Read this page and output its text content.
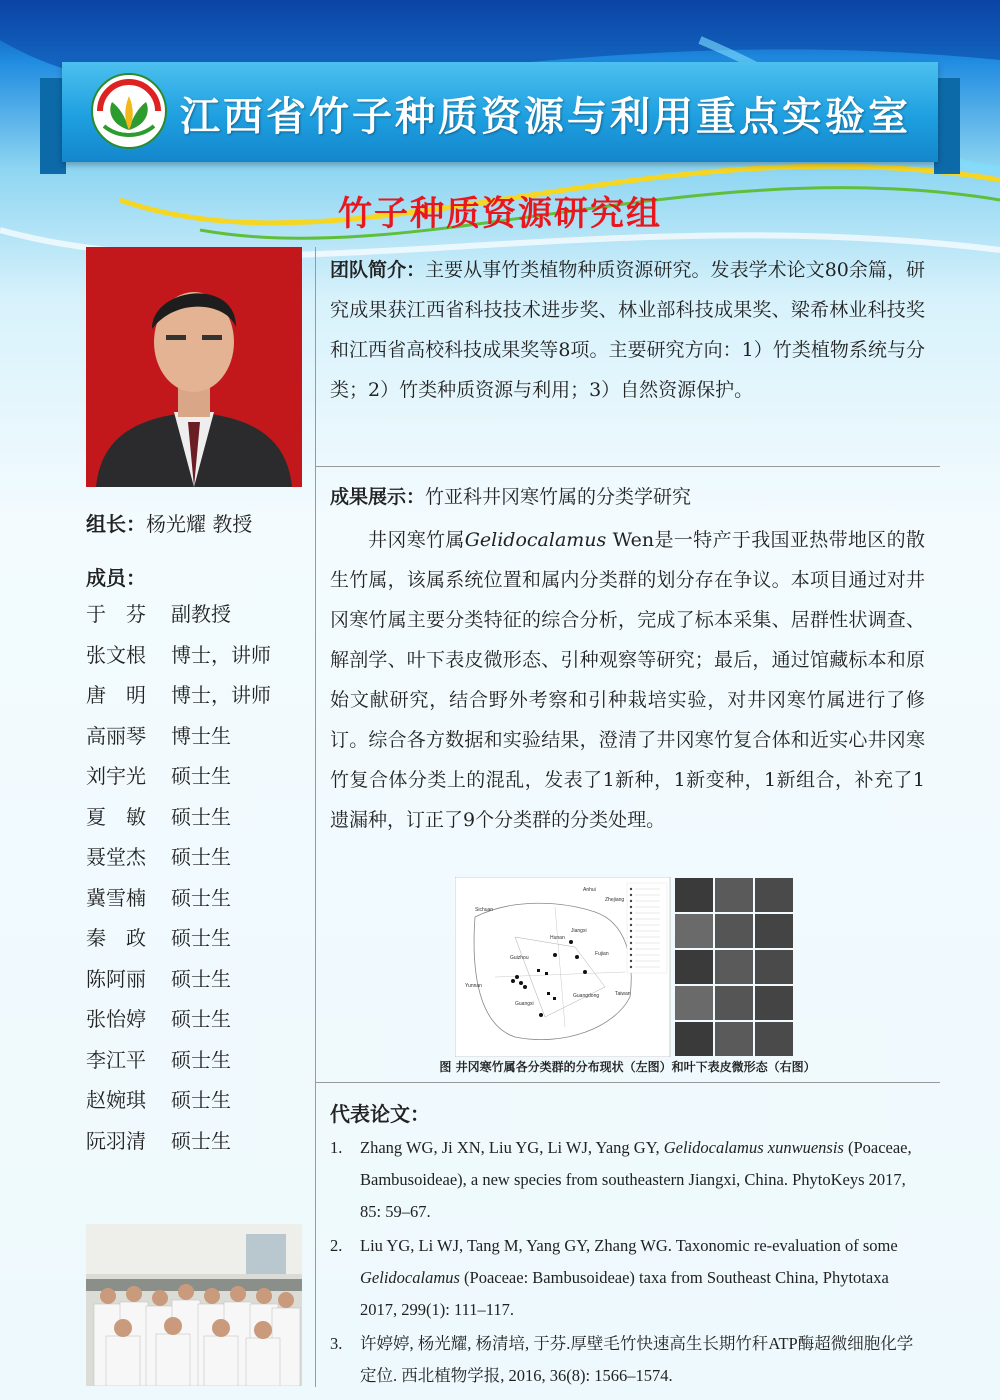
江西省竹子种质资源与利用重点实验室
竹子种质资源研究组
组长：杨光耀 教授
成员：
于　芬	副教授
张文根	博士，讲师
唐　明	博士，讲师
高丽琴	博士生
刘宇光	硕士生
夏　敏	硕士生
聂堂杰	硕士生
冀雪楠	硕士生
秦　政	硕士生
陈阿丽	硕士生
张怡婷	硕士生
李江平	硕士生
赵婉琪	硕士生
阮羽清	硕士生
团队简介：主要从事竹类植物种质资源研究。发表学术论文80余篇，研究成果获江西省科技技术进步奖、林业部科技成果奖、梁希林业科技奖和江西省高校科技成果奖等8项。主要研究方向：1）竹类植物系统与分类；2）竹类种质资源与利用；3）自然资源保护。
成果展示：竹亚科井冈寒竹属的分类学研究
井冈寒竹属Gelidocalamus Wen是一特产于我国亚热带地区的散生竹属，该属系统位置和属内分类群的划分存在争议。本项目通过对井冈寒竹属主要分类特征的综合分析，完成了标本采集、居群性状调查、解剖学、叶下表皮微形态、引种观察等研究；最后，通过馆藏标本和原始文献研究，结合野外考察和引种栽培实验，对井冈寒竹属进行了修订。综合各方数据和实验结果，澄清了井冈寒竹复合体和近实心井冈寒竹复合体分类上的混乱，发表了1新种，1新变种，1新组合，补充了1遗漏种，订正了9个分类群的分类处理。
Anhui
Zhejiang
Sichuan
Hunan
Jiangxi
Guizhou
Fujian
Yunnan
Guangxi
Guangdong	Taiwan
图 井冈寒竹属各分类群的分布现状（左图）和叶下表皮微形态（右图）
代表论文：
1.	Zhang WG, Ji XN, Liu YG, Li WJ, Yang GY, Gelidocalamus xunwuensis (Poaceae, Bambusoideae), a new species from southeastern Jiangxi, China. PhytoKeys 2017, 85: 59–67.
2.	Liu YG, Li WJ, Tang M, Yang GY, Zhang WG. Taxonomic re-evaluation of some Gelidocalamus (Poaceae: Bambusoideae) taxa from Southeast China, Phytotaxa 2017, 299(1): 111–117.
3.	许婷婷, 杨光耀, 杨清培, 于芬.厚壁毛竹快速高生长期竹秆ATP酶超微细胞化学定位. 西北植物学报, 2016, 36(8): 1566–1574.
